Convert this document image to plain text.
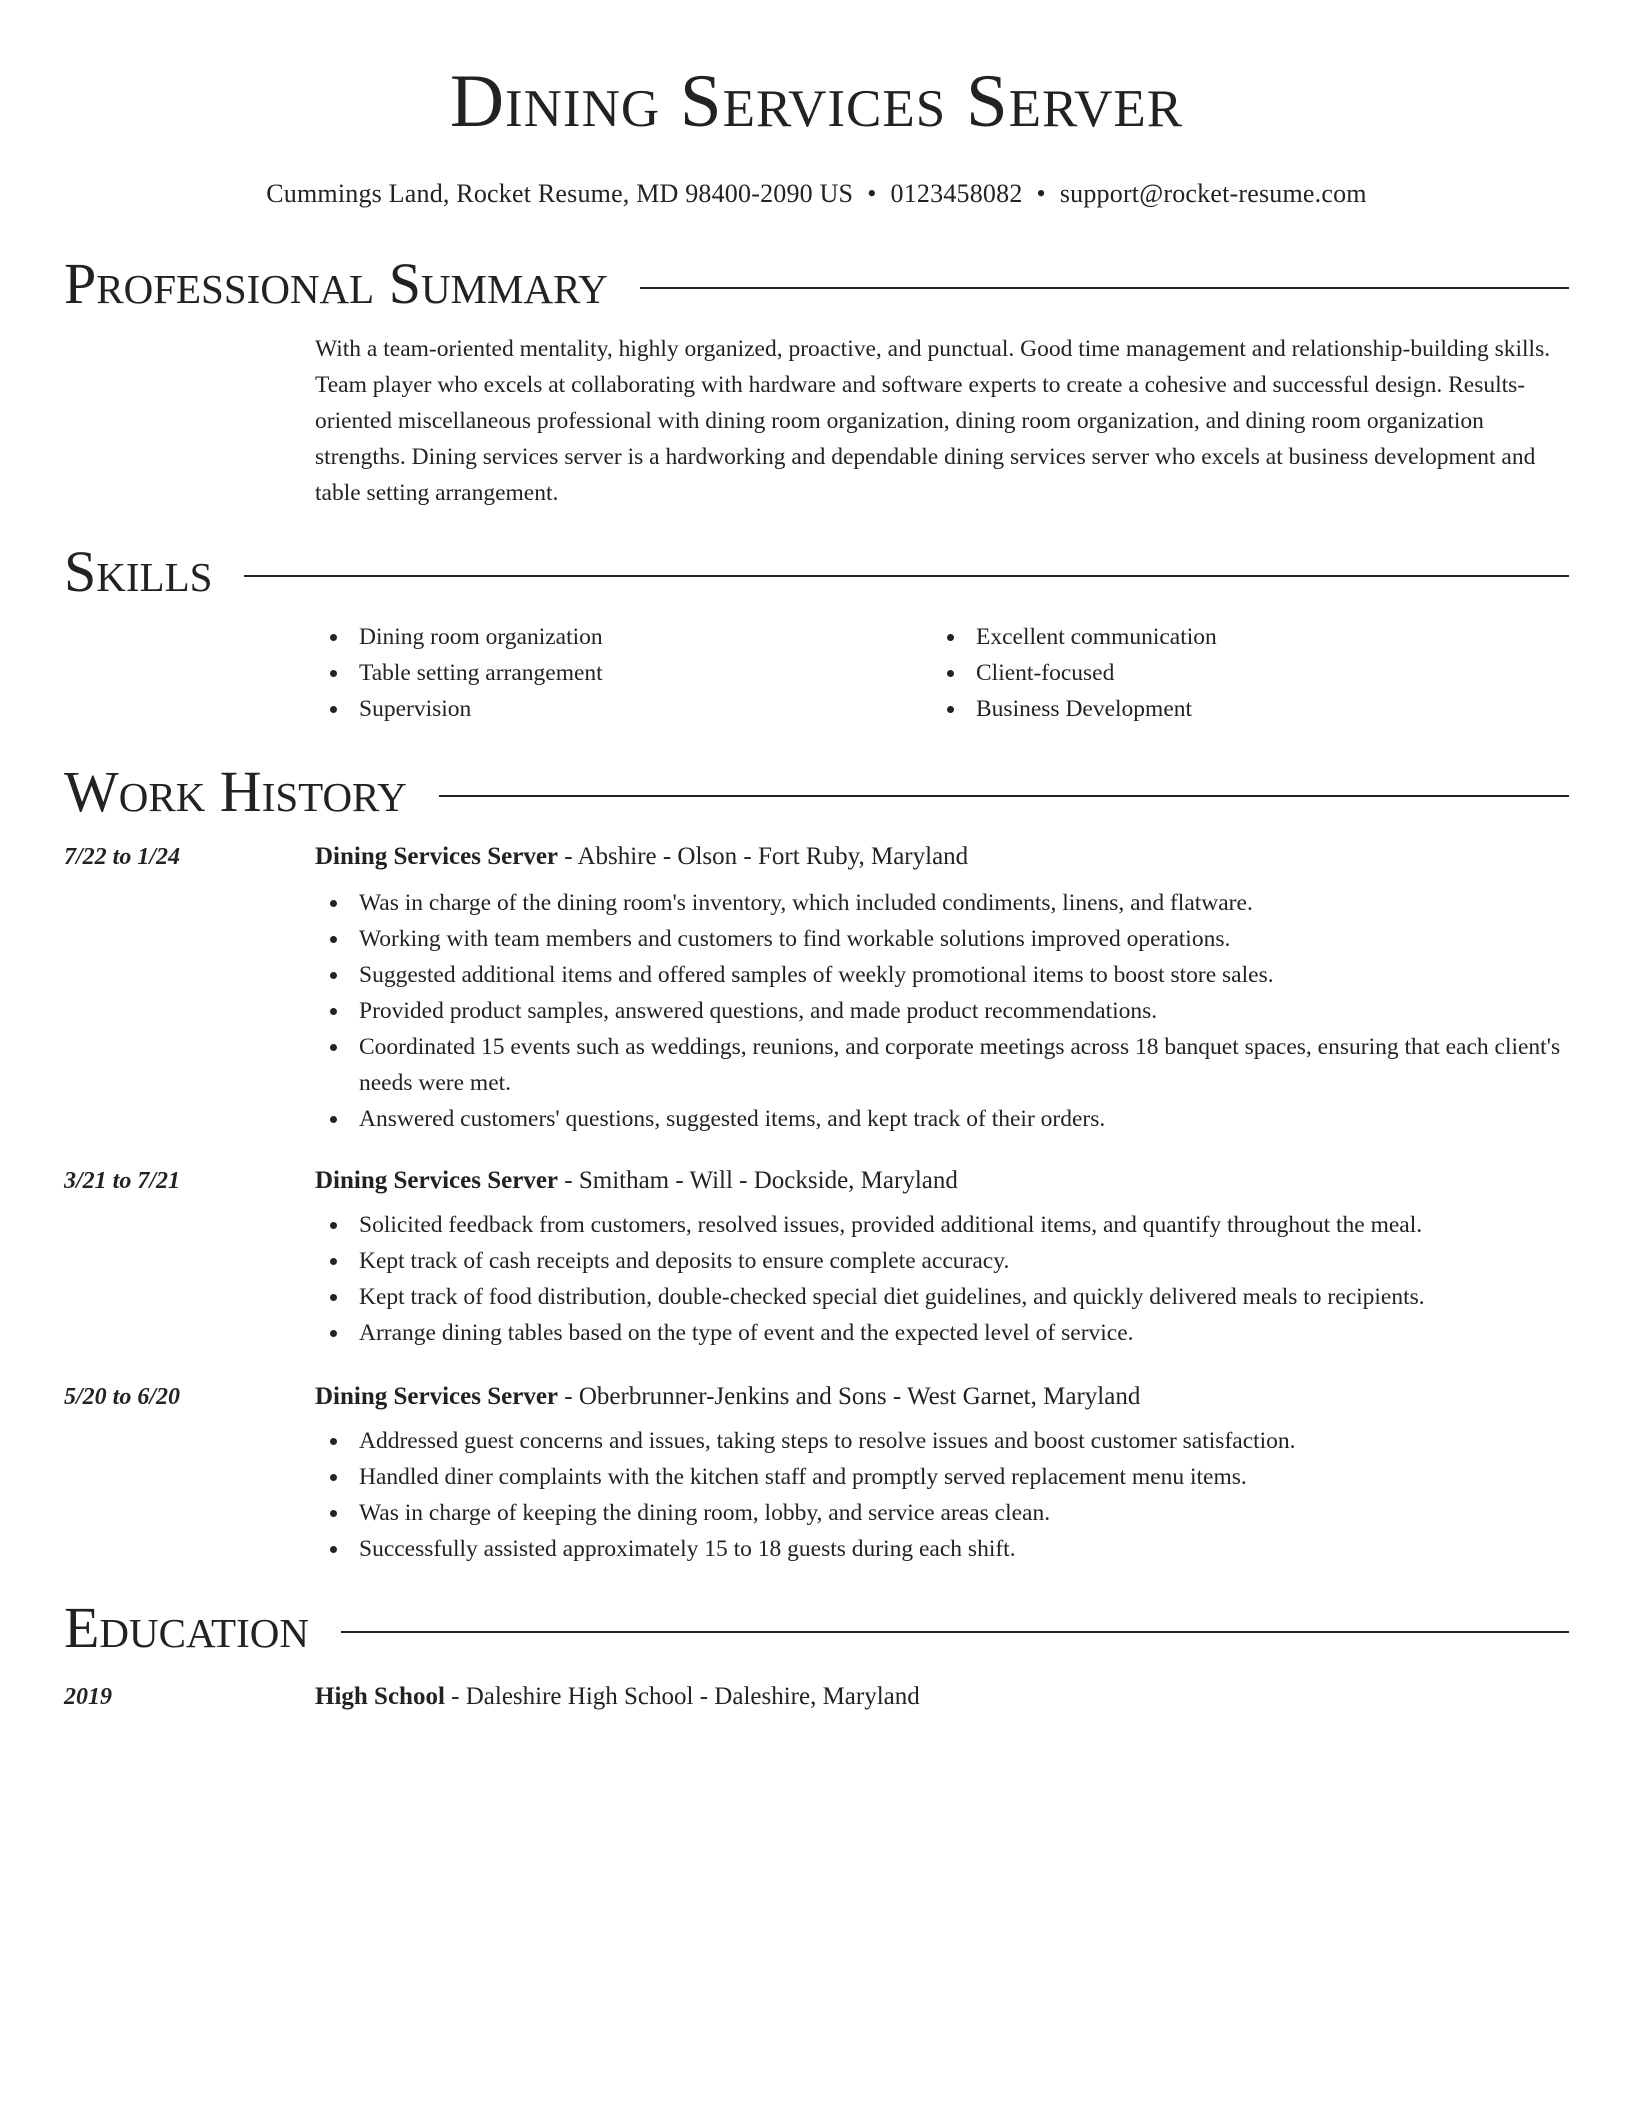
Dining Services Server
Cummings Land, Rocket Resume, MD 98400-2090 US • 0123458082 • support@rocket-resume.com
Professional Summary
With a team-oriented mentality, highly organized, proactive, and punctual. Good time management and relationship-building skills. Team player who excels at collaborating with hardware and software experts to create a cohesive and successful design. Results-oriented miscellaneous professional with dining room organization, dining room organization, and dining room organization strengths. Dining services server is a hardworking and dependable dining services server who excels at business development and table setting arrangement.
Skills
Dining room organization
Table setting arrangement
Supervision
Excellent communication
Client-focused
Business Development
Work History
7/22 to 1/24	Dining Services Server - Abshire - Olson - Fort Ruby, Maryland
Was in charge of the dining room's inventory, which included condiments, linens, and flatware.
Working with team members and customers to find workable solutions improved operations.
Suggested additional items and offered samples of weekly promotional items to boost store sales.
Provided product samples, answered questions, and made product recommendations.
Coordinated 15 events such as weddings, reunions, and corporate meetings across 18 banquet spaces, ensuring that each client's needs were met.
Answered customers' questions, suggested items, and kept track of their orders.
3/21 to 7/21	Dining Services Server - Smitham - Will - Dockside, Maryland
Solicited feedback from customers, resolved issues, provided additional items, and quantify throughout the meal.
Kept track of cash receipts and deposits to ensure complete accuracy.
Kept track of food distribution, double-checked special diet guidelines, and quickly delivered meals to recipients.
Arrange dining tables based on the type of event and the expected level of service.
5/20 to 6/20	Dining Services Server - Oberbrunner-Jenkins and Sons - West Garnet, Maryland
Addressed guest concerns and issues, taking steps to resolve issues and boost customer satisfaction.
Handled diner complaints with the kitchen staff and promptly served replacement menu items.
Was in charge of keeping the dining room, lobby, and service areas clean.
Successfully assisted approximately 15 to 18 guests during each shift.
Education
2019	High School - Daleshire High School - Daleshire, Maryland
